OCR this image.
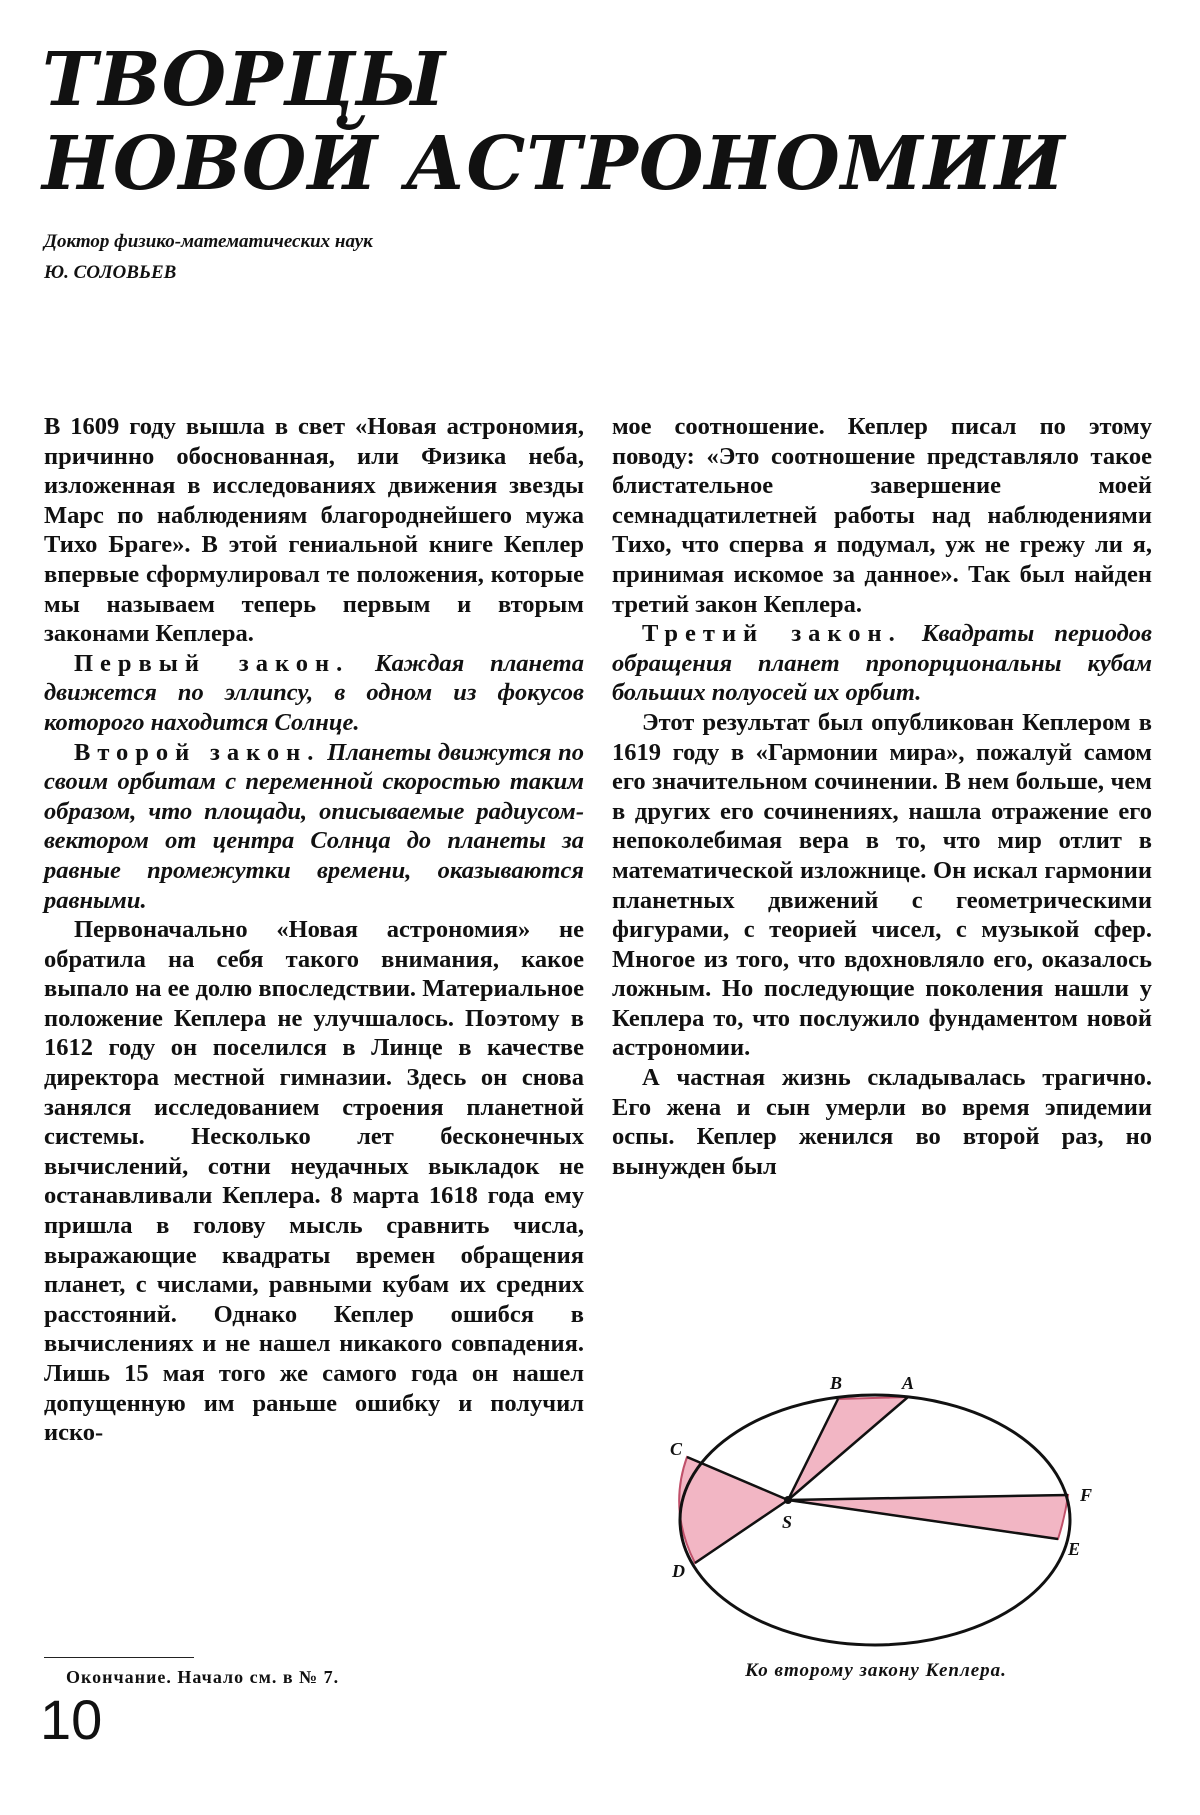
ТВОРЦЫ
НОВОЙ АСТРОНОМИИ
Доктор физико-математических наук
Ю. СОЛОВЬЕВ

В 1609 году вышла в свет «Новая астрономия, причинно обоснованная, или Физика неба, изложенная в исследованиях движения звезды Марс по наблюдениям благороднейшего мужа Тихо Браге». В этой гениальной книге Кеплер впервые сформулировал те положения, которые мы называем теперь первым и вторым законами Кеплера.

Первый закон. Каждая планета движется по эллипсу, в одном из фокусов которого находится Солнце.

Второй закон. Планеты движутся по своим орбитам с переменной скоростью таким образом, что площади, описываемые радиусом-вектором от центра Солнца до планеты за равные промежутки времени, оказываются равными.

Первоначально «Новая астрономия» не обратила на себя такого внимания, какое выпало на ее долю впоследствии. Материальное положение Кеплера не улучшалось. Поэтому в 1612 году он поселился в Линце в качестве директора местной гимназии. Здесь он снова занялся исследованием строения планетной системы. Несколько лет бесконечных вычислений, сотни неудачных выкладок не останавливали Кеплера. 8 марта 1618 года ему пришла в голову мысль сравнить числа, выражающие квадраты времен обращения планет, с числами, равными кубам их средних расстояний. Однако Кеплер ошибся в вычислениях и не нашел никакого совпадения. Лишь 15 мая того же самого года он нашел допущенную им раньше ошибку и получил иско-

мое соотношение. Кеплер писал по этому поводу: «Это соотношение представляло такое блистательное завершение моей семнадцатилетней работы над наблюдениями Тихо, что сперва я подумал, уж не грежу ли я, принимая искомое за данное». Так был найден третий закон Кеплера.

Третий закон. Квадраты периодов обращения планет пропорциональны кубам больших полуосей их орбит.

Этот результат был опубликован Кеплером в 1619 году в «Гармонии мира», пожалуй самом его значительном сочинении. В нем больше, чем в других его сочинениях, нашла отражение его непоколебимая вера в то, что мир отлит в математической изложнице. Он искал гармонии планетных движений с геометрическими фигурами, с теорией чисел, с музыкой сфер. Многое из того, что вдохновляло его, оказалось ложным. Но последующие поколения нашли у Кеплера то, что послужило фундаментом новой астрономии.

А частная жизнь складывалась трагично. Его жена и сын умерли во время эпидемии оспы. Кеплер женился во второй раз, но вынужден был

B	A
C
D
S
F
E
Ко второму закону Кеплера.
Окончание. Начало см. в № 7.
10
